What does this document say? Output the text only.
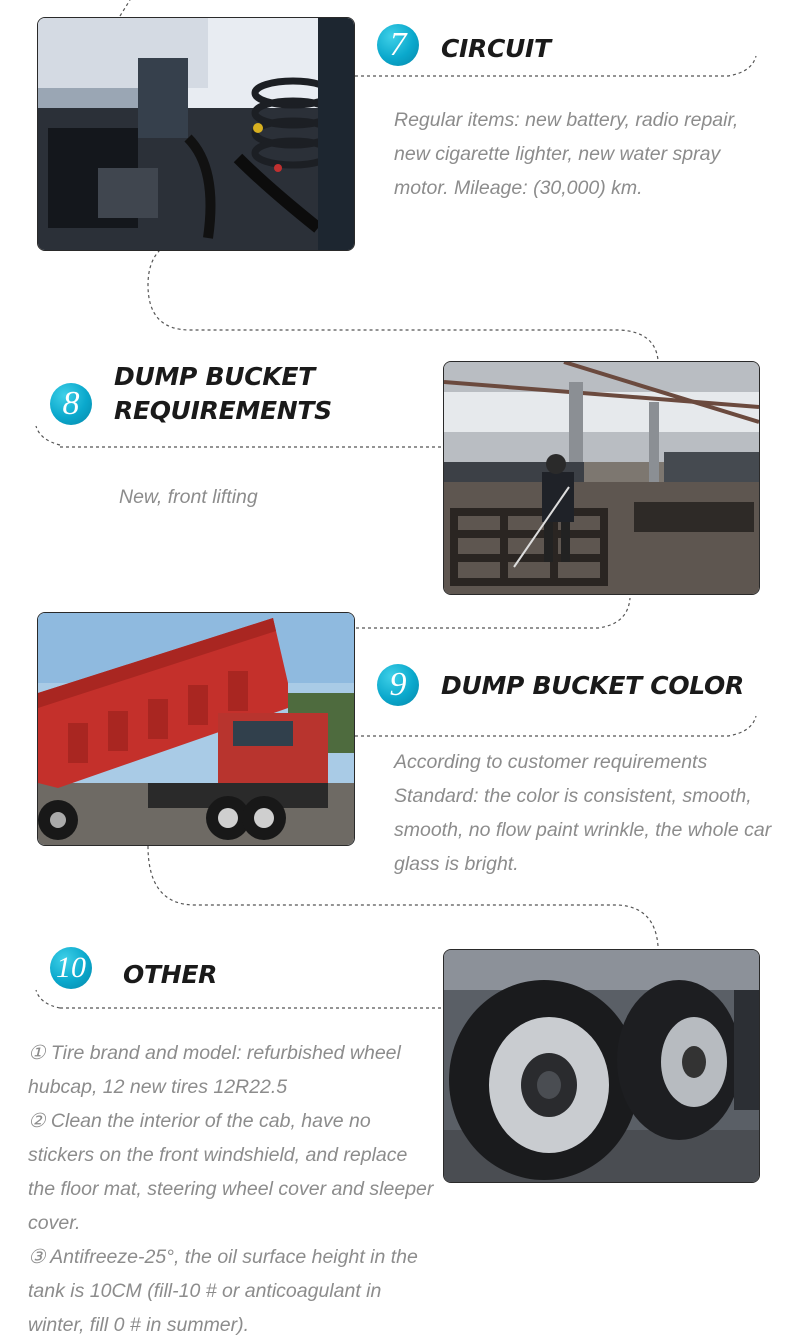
7	CIRCUIT

Regular items: new battery, radio repair, new cigarette lighter, new water spray motor. Mileage: (30,000) km.

8
DUMP BUCKET
REQUIREMENTS

New, front lifting

9	DUMP BUCKET COLOR

According to customer requirements Standard: the color is consistent, smooth, smooth, no flow paint wrinkle, the whole car glass is bright.

10 OTHER

① Tire brand and model: refurbished wheel hubcap, 12 new tires 12R22.5

② Clean the interior of the cab, have no stickers on the front windshield, and replace the floor mat, steering wheel cover and sleeper cover.

③ Antifreeze-25°, the oil surface height in the tank is 10CM (fill-10 # or anticoagulant in winter, fill 0 # in summer).
